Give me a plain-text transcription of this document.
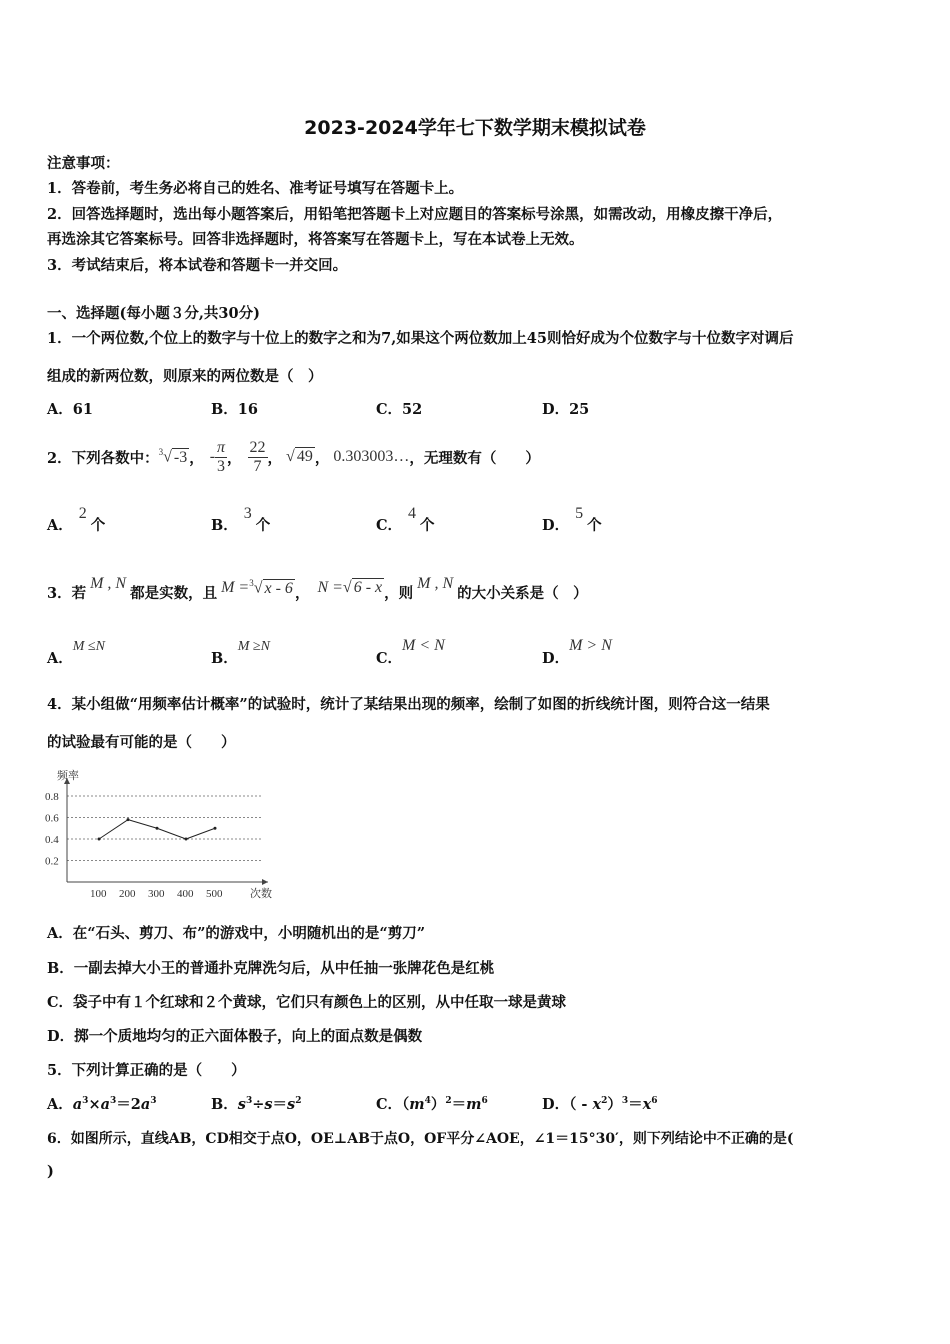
2023-2024学年七下数学期末模拟试卷
注意事项：
1．答卷前，考生务必将自己的姓名、准考证号填写在答题卡上。
2．回答选择题时，选出每小题答案后，用铅笔把答题卡上对应题目的答案标号涂黑，如需改动，用橡皮擦干净后，
再选涂其它答案标号。回答非选择题时，将答案写在答题卡上，写在本试卷上无效。
3．考试结束后，将本试卷和答题卡一并交回。
一、选择题(每小题３分,共30分)
1．一个两位数,个位上的数字与十位上的数字之和为7,如果这个两位数加上45则恰好成为个位数字与十位数字对调后
组成的新两位数，则原来的两位数是（　）
A．61	B．16	C．52	D．25
2．下列各数中： $^3$√ -3 ， - $\frac{\pi}{3}$ ， $\frac{22}{7}$ ， √ 49 ， 0.303003… ，无理数有（　　）
A．2个	B．3个	C．4个	D．5个
3．若
M , N
都是实数，且 M = $^3$√ x - 6 ， N = √ 6 - x ，则
M , N
的大小关系是（　）
A．M ≤N
B．M ≥N
C．M < N
D．M > N
4．某小组做“用频率估计概率”的试验时，统计了某结果出现的频率，绘制了如图的折线统计图，则符合这一结果
的试验最有可能的是（　　）
0.2
0.4
0.6
0.8
频率
次数
100 200 300 400 500
A．在“石头、剪刀、布”的游戏中，小明随机出的是“剪刀”
B．一副去掉大小王的普通扑克牌洗匀后，从中任抽一张牌花色是红桃
C．袋子中有１个红球和２个黄球，它们只有颜色上的区别，从中任取一球是黄球
D．掷一个质地均匀的正六面体骰子，向上的面点数是偶数
5．下列计算正确的是（　　）
A．$a^3\times a^3=2a^3$	B．$s^3\div s=s^2$	C．$(m^4)^2=m^6$	D．（ - $x^2)^3=x^6$
6．如图所示，直线AB，CD相交于点O，OE⊥AB于点O，OF平分∠AOE，∠1＝15°30′，则下列结论中不正确的是(
)
